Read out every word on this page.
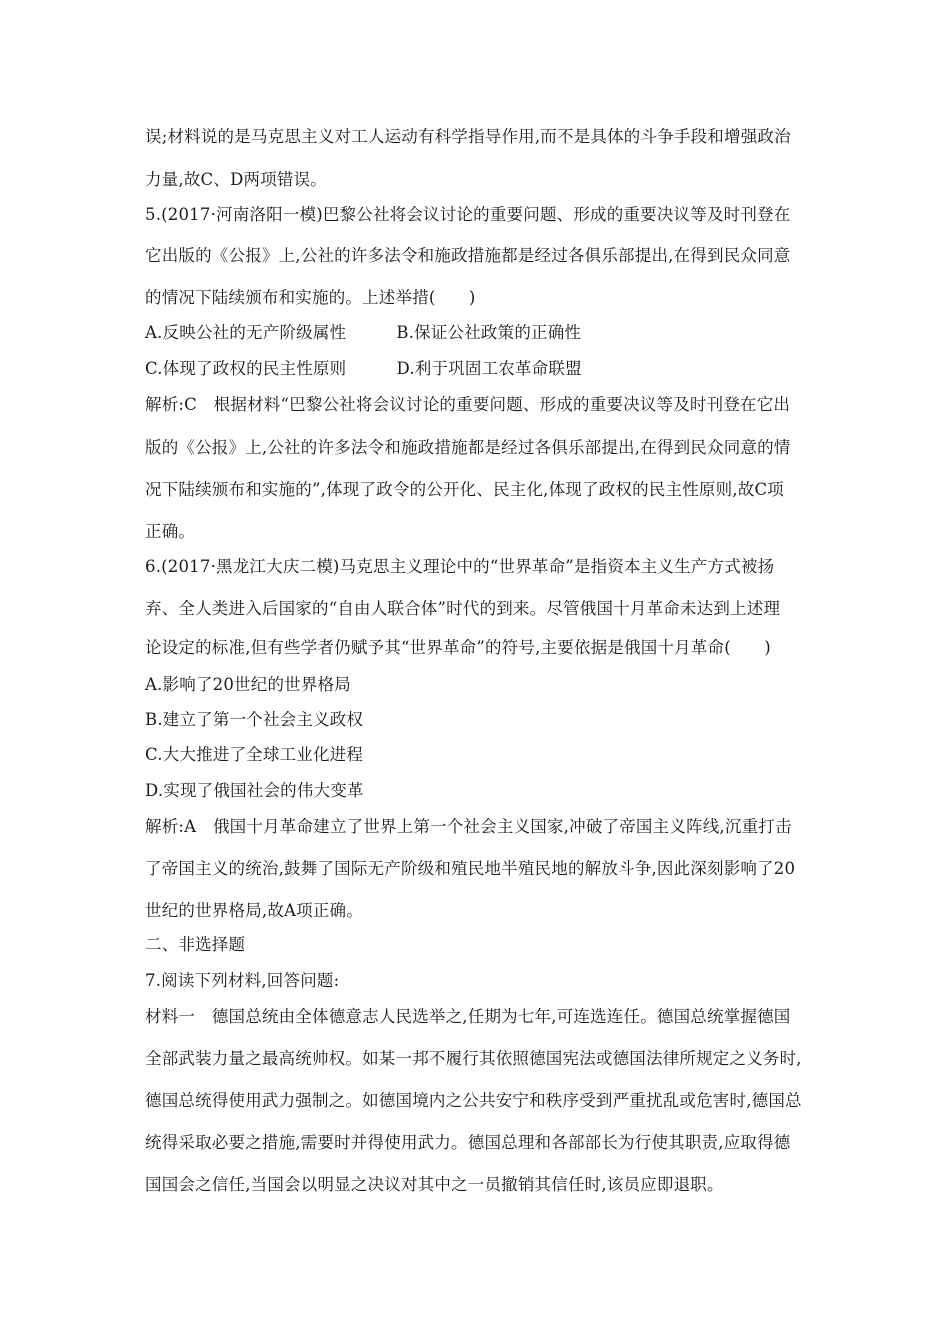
误;材料说的是马克思主义对工人运动有科学指导作用,而不是具体的斗争手段和增强政治
力量,故C、D两项错误。
5.(2017·河南洛阳一模)巴黎公社将会议讨论的重要问题、形成的重要决议等及时刊登在
它出版的《公报》上,公社的许多法令和施政措施都是经过各俱乐部提出,在得到民众同意
的情况下陆续颁布和实施的。上述举措(　　)
A.反映公社的无产阶级属性　　　B.保证公社政策的正确性
C.体现了政权的民主性原则　　　D.利于巩固工农革命联盟
解析:C　根据材料“巴黎公社将会议讨论的重要问题、形成的重要决议等及时刊登在它出
版的《公报》上,公社的许多法令和施政措施都是经过各俱乐部提出,在得到民众同意的情
况下陆续颁布和实施的”,体现了政令的公开化、民主化,体现了政权的民主性原则,故C项
正确。
6.(2017·黑龙江大庆二模)马克思主义理论中的“世界革命”是指资本主义生产方式被扬
弃、全人类进入后国家的“自由人联合体”时代的到来。尽管俄国十月革命未达到上述理
论设定的标准,但有些学者仍赋予其“世界革命”的符号,主要依据是俄国十月革命(　　)
A.影响了20世纪的世界格局
B.建立了第一个社会主义政权
C.大大推进了全球工业化进程
D.实现了俄国社会的伟大变革
解析:A　俄国十月革命建立了世界上第一个社会主义国家,冲破了帝国主义阵线,沉重打击
了帝国主义的统治,鼓舞了国际无产阶级和殖民地半殖民地的解放斗争,因此深刻影响了20
世纪的世界格局,故A项正确。
二、非选择题
7.阅读下列材料,回答问题:
材料一　德国总统由全体德意志人民选举之,任期为七年,可连选连任。德国总统掌握德国
全部武装力量之最高统帅权。如某一邦不履行其依照德国宪法或德国法律所规定之义务时,
德国总统得使用武力强制之。如德国境内之公共安宁和秩序受到严重扰乱或危害时,德国总
统得采取必要之措施,需要时并得使用武力。德国总理和各部部长为行使其职责,应取得德
国国会之信任,当国会以明显之决议对其中之一员撤销其信任时,该员应即退职。
